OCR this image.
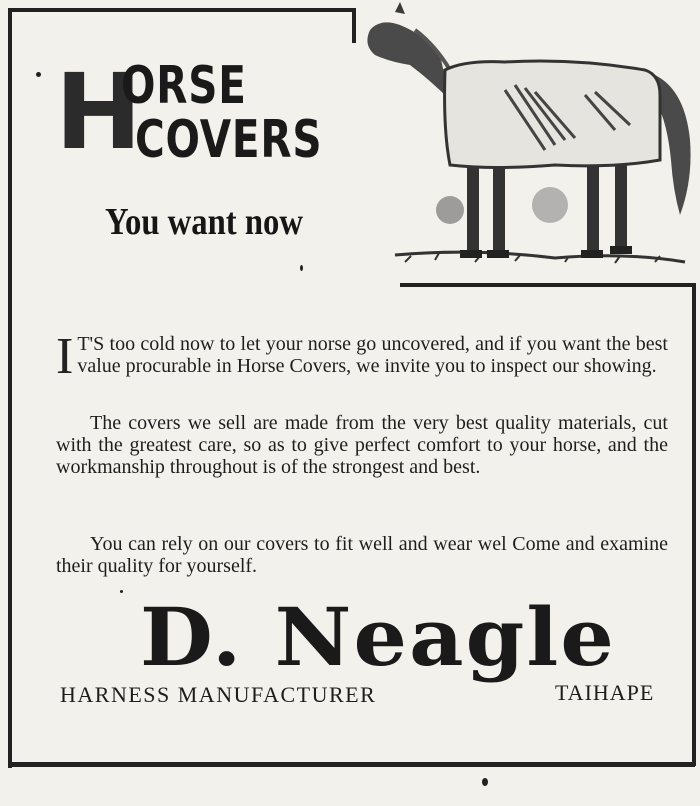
H
ORSE
COVERS
You want now
I T'S too cold now to let your norse go uncovered, and if you want the best value procurable in Horse Covers, we invite you to inspect our showing.
The covers we sell are made from the very best quality materials, cut with the greatest care, so as to give perfect comfort to your horse, and the workmanship throughout is of the strongest and best.
You can rely on our covers to fit well and wear wel Come and examine their quality for yourself.
D. Neagle
HARNESS MANUFACTURER	TAIHAPE
